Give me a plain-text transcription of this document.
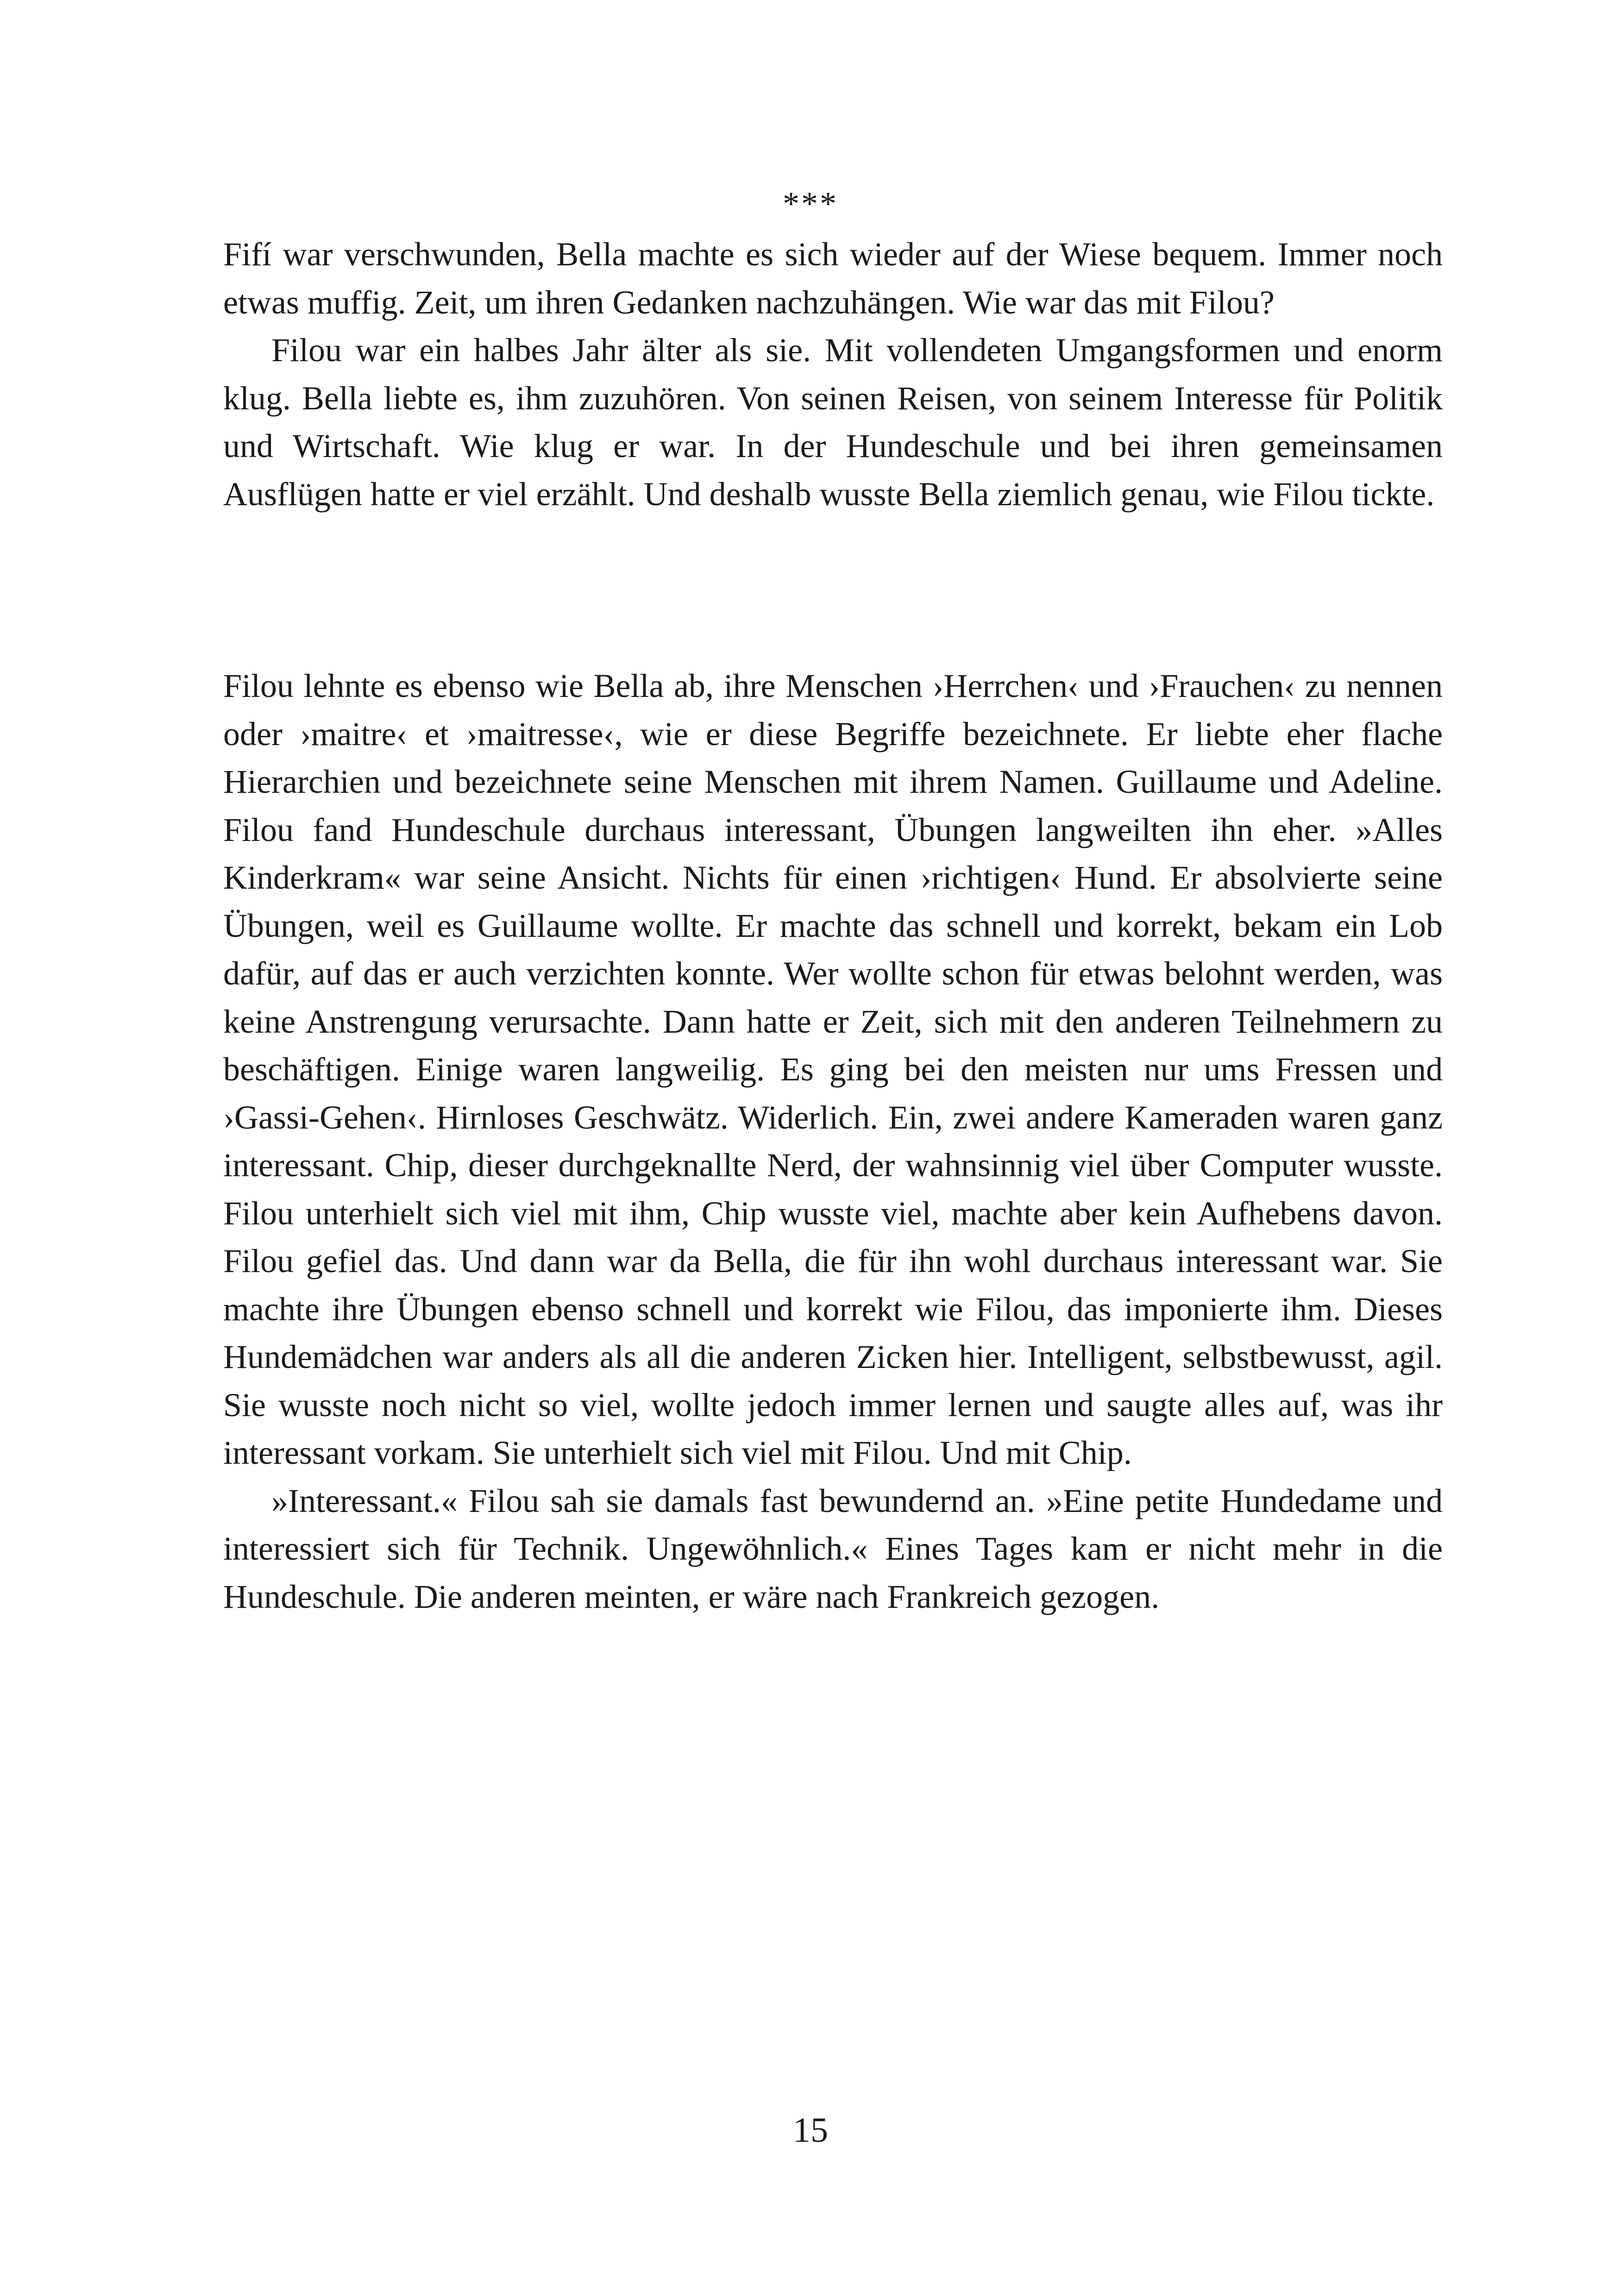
***

Fifí war verschwunden, Bella machte es sich wieder auf der Wiese bequem. Immer noch etwas muffig. Zeit, um ihren Gedanken nachzuhängen. Wie war das mit Filou?

Filou war ein halbes Jahr älter als sie. Mit vollendeten Umgangsformen und enorm klug. Bella liebte es, ihm zuzuhören. Von seinen Reisen, von seinem Interesse für Politik und Wirtschaft. Wie klug er war. In der Hundeschule und bei ihren gemeinsamen Ausflügen hatte er viel erzählt. Und deshalb wusste Bella ziemlich genau, wie Filou tickte.

Filou lehnte es ebenso wie Bella ab, ihre Menschen ›Herrchen‹ und ›Frauchen‹ zu nennen oder ›maitre‹ et ›maitresse‹, wie er diese Begriffe bezeichnete. Er liebte eher flache Hierarchien und bezeichnete seine Menschen mit ihrem Namen. Guillaume und Adeline. Filou fand Hundeschule durchaus interessant, Übungen langweilten ihn eher. »Alles Kinderkram« war seine Ansicht. Nichts für einen ›richtigen‹ Hund. Er absolvierte seine Übungen, weil es Guillaume wollte. Er machte das schnell und korrekt, bekam ein Lob dafür, auf das er auch verzichten konnte. Wer wollte schon für etwas belohnt werden, was keine Anstrengung verursachte. Dann hatte er Zeit, sich mit den anderen Teilnehmern zu beschäftigen. Einige waren langweilig. Es ging bei den meisten nur ums Fressen und ›Gassi-Gehen‹. Hirnloses Geschwätz. Widerlich. Ein, zwei andere Kameraden waren ganz interessant. Chip, dieser durchgeknallte Nerd, der wahnsinnig viel über Computer wusste. Filou unterhielt sich viel mit ihm, Chip wusste viel, machte aber kein Aufhebens davon. Filou gefiel das. Und dann war da Bella, die für ihn wohl durchaus interessant war. Sie machte ihre Übungen ebenso schnell und korrekt wie Filou, das imponierte ihm. Dieses Hundemädchen war anders als all die anderen Zicken hier. Intelligent, selbstbewusst, agil. Sie wusste noch nicht so viel, wollte jedoch immer lernen und saugte alles auf, was ihr interessant vorkam. Sie unterhielt sich viel mit Filou. Und mit Chip.

»Interessant.« Filou sah sie damals fast bewundernd an. »Eine petite Hundedame und interessiert sich für Technik. Ungewöhnlich.« Eines Tages kam er nicht mehr in die Hundeschule. Die anderen meinten, er wäre nach Frankreich gezogen.

15
